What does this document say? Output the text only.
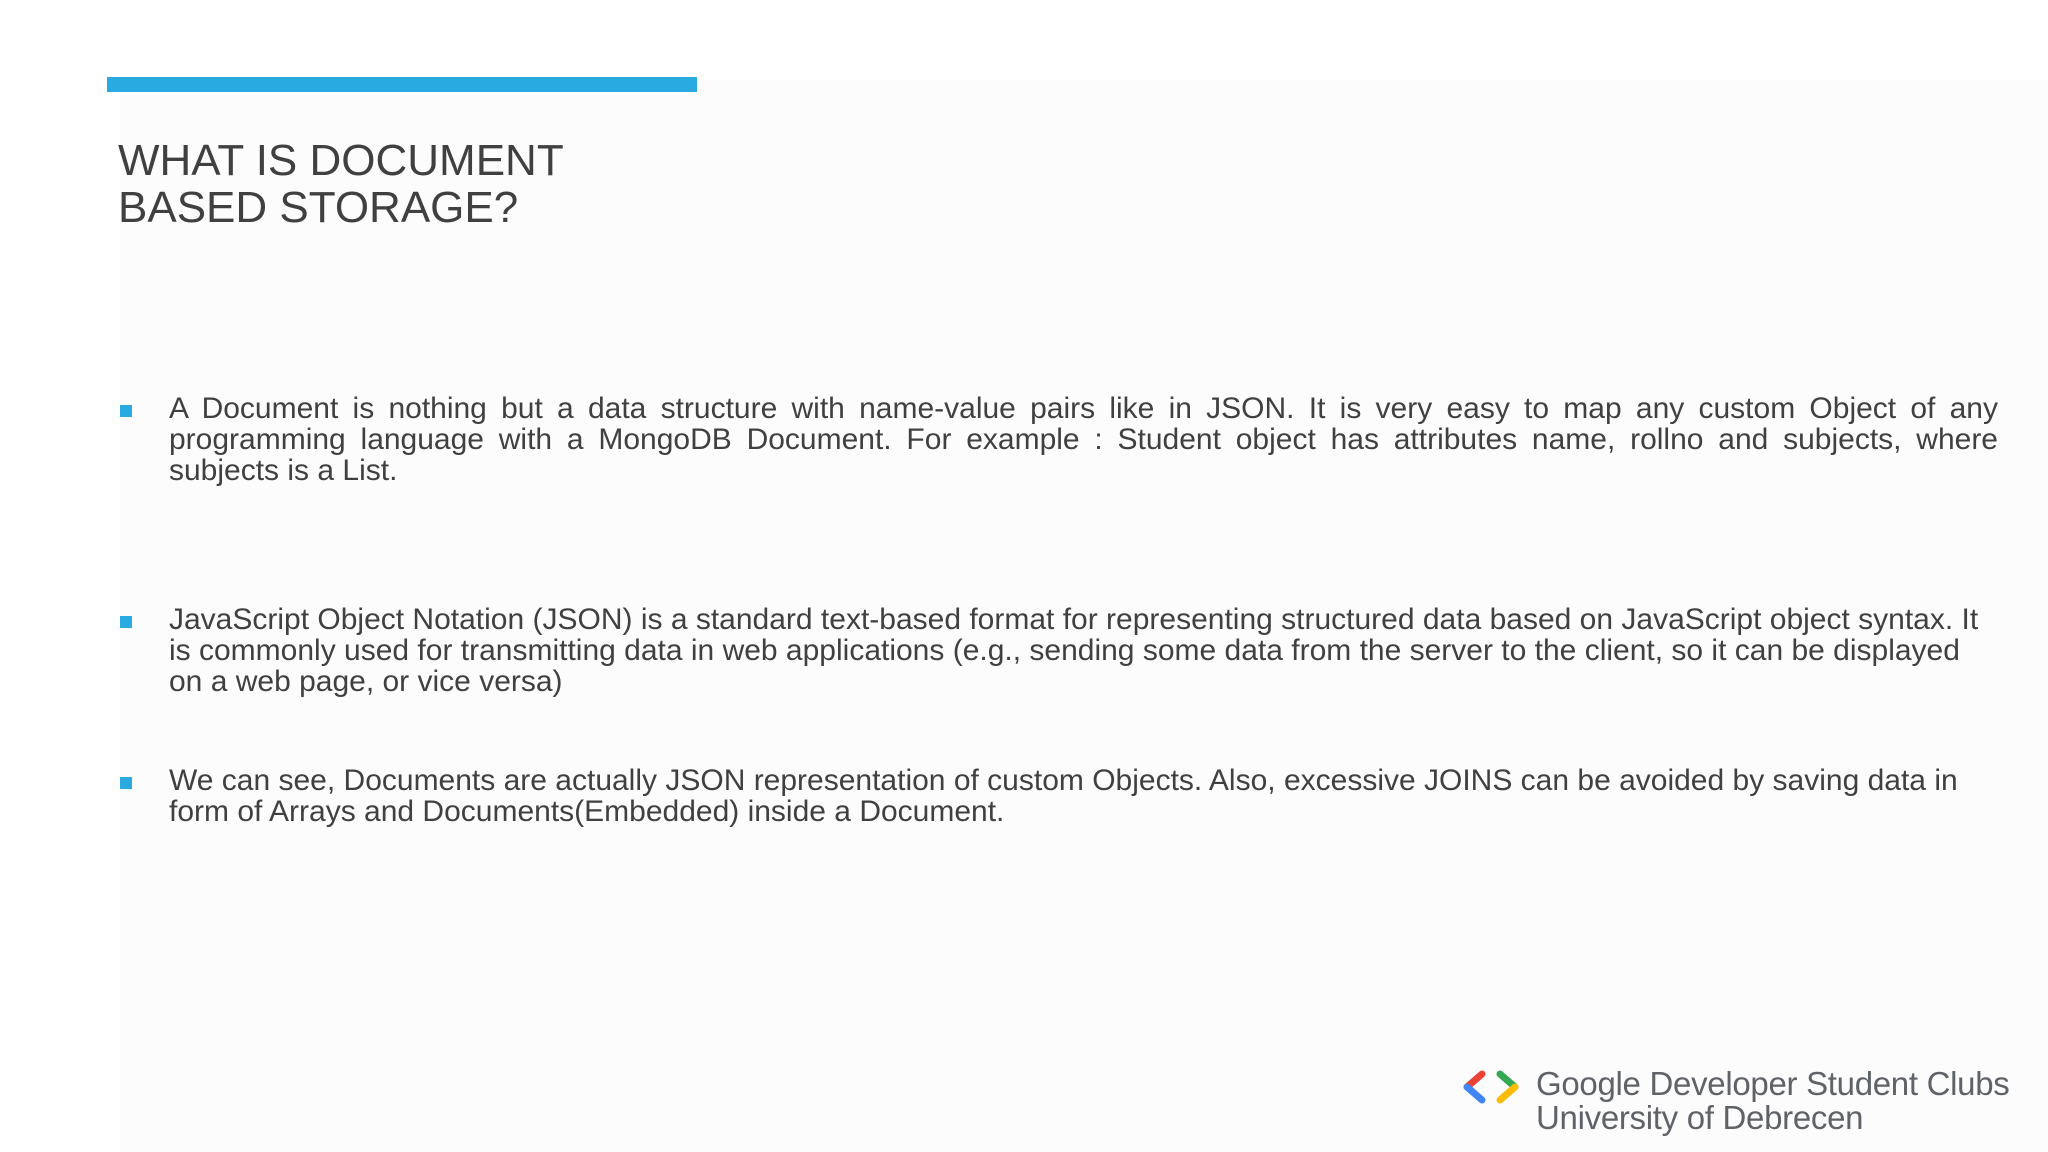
WHAT IS DOCUMENT
BASED STORAGE?

A Document is nothing but a data structure with name-value pairs like in JSON. It is very easy to map any custom Object of any programming language with a MongoDB Document. For example : Student object has attributes name, rollno and subjects, where subjects is a List.

JavaScript Object Notation (JSON) is a standard text-based format for representing structured data based on JavaScript object syntax. It is commonly used for transmitting data in web applications (e.g., sending some data from the server to the client, so it can be displayed on a web page, or vice versa)

We can see, Documents are actually JSON representation of custom Objects. Also, excessive JOINS can be avoided by saving data in form of Arrays and Documents(Embedded) inside a Document.

Google Developer Student Clubs

University of Debrecen
